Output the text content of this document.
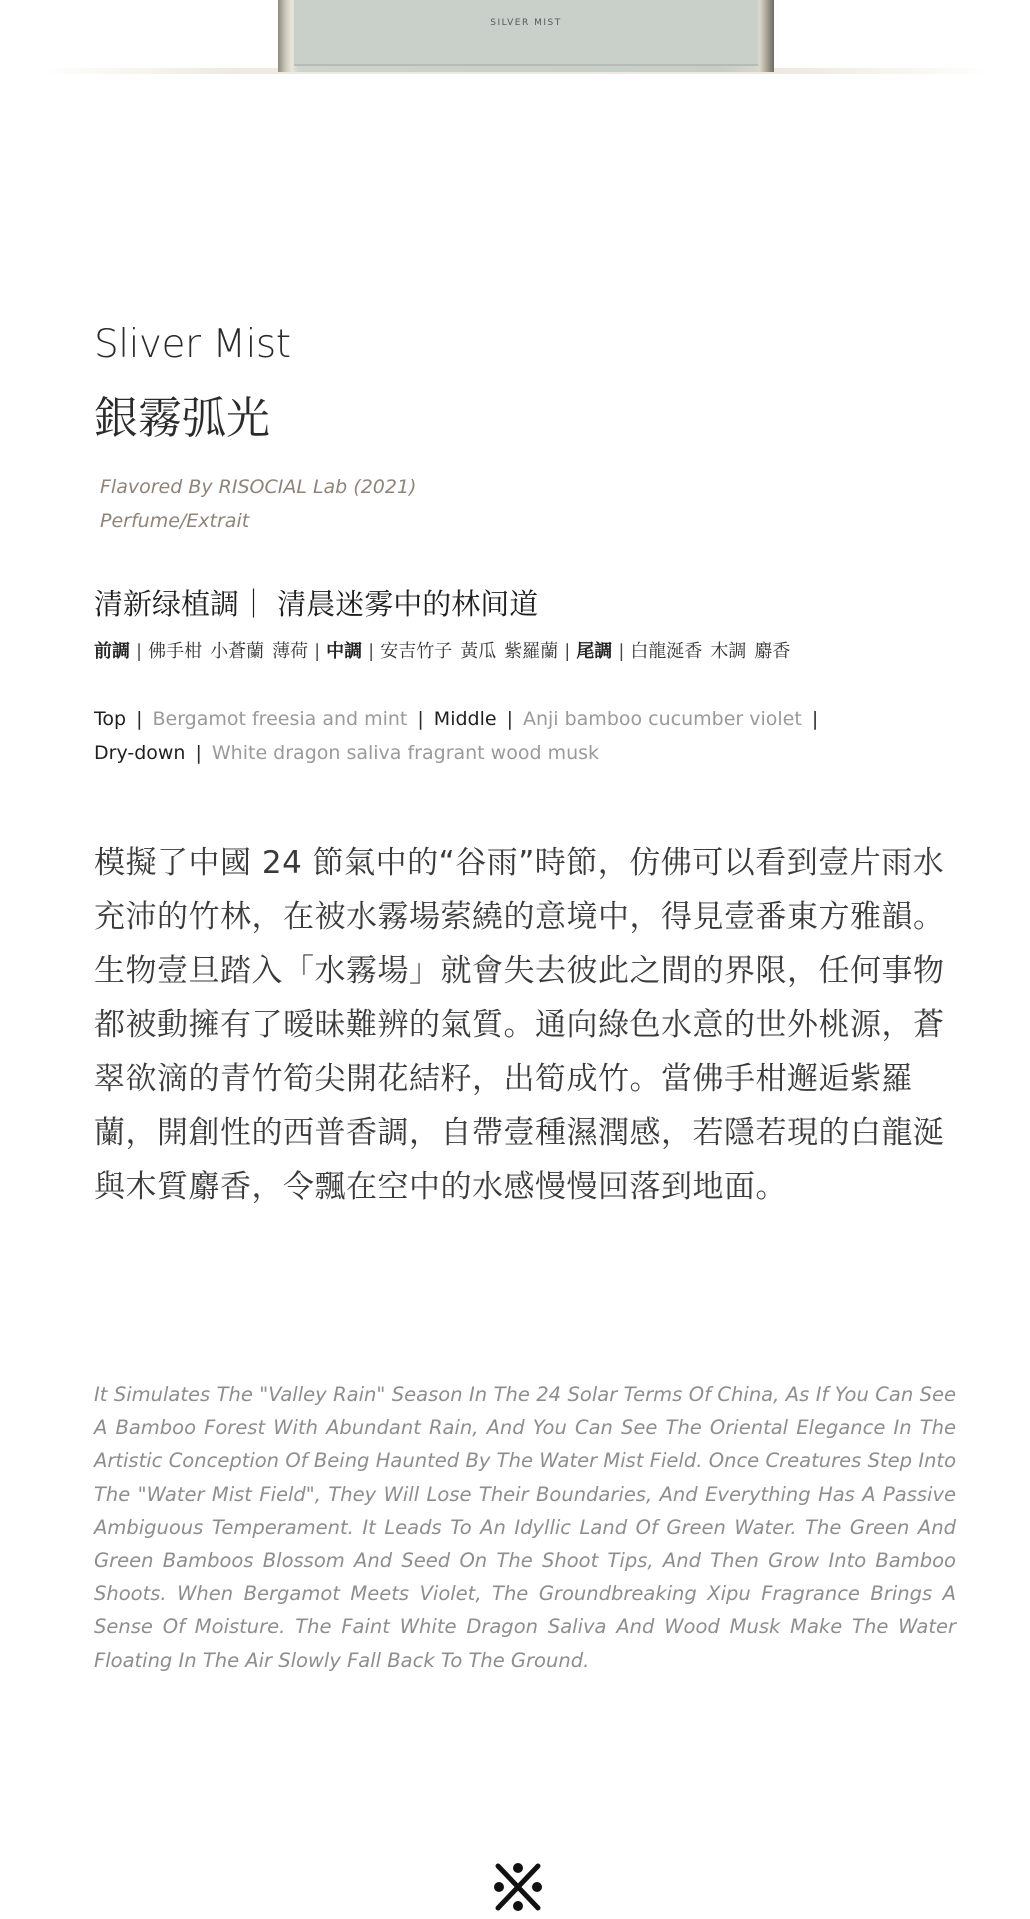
SILVER MIST
Sliver Mist
銀霧弧光
Flavored By RISOCIAL Lab (2021)
Perfume/Extrait
清新绿植調｜ 清晨迷雾中的林间道
前調 | 佛手柑 小蒼蘭 薄荷 | 中調 | 安吉竹子 黃瓜 紫羅蘭 | 尾調 | 白龍涎香 木調 麝香
Top | Bergamot freesia and mint | Middle | Anji bamboo cucumber violet |
Dry-down | White dragon saliva fragrant wood musk
模擬了中國 24 節氣中的“谷雨”時節，仿佛可以看到壹片雨水充沛的竹林，在被水霧場萦繞的意境中，得見壹番東方雅韻。生物壹旦踏入「水霧場」就會失去彼此之間的界限，任何事物都被動擁有了暧昧難辨的氣質。通向綠色水意的世外桃源，蒼翠欲滴的青竹筍尖開花結籽，出筍成竹。當佛手柑邂逅紫羅蘭，開創性的西普香調，自帶壹種濕潤感，若隱若現的白龍涎與木質麝香，令飄在空中的水感慢慢回落到地面。
It Simulates The "Valley Rain" Season In The 24 Solar Terms Of China, As If You Can See A Bamboo Forest With Abundant Rain, And You Can See The Oriental Elegance In The Artistic Conception Of Being Haunted By The Water Mist Field. Once Creatures Step Into The "Water Mist Field", They Will Lose Their Boundaries, And Everything Has A Passive Ambiguous Temperament. It Leads To An Idyllic Land Of Green Water. The Green And Green Bamboos Blossom And Seed On The Shoot Tips, And Then Grow Into Bamboo Shoots. When Bergamot Meets Violet, The Groundbreaking Xipu Fragrance Brings A Sense Of Moisture. The Faint White Dragon Saliva And Wood Musk Make The Water Floating In The Air Slowly Fall Back To The Ground.
